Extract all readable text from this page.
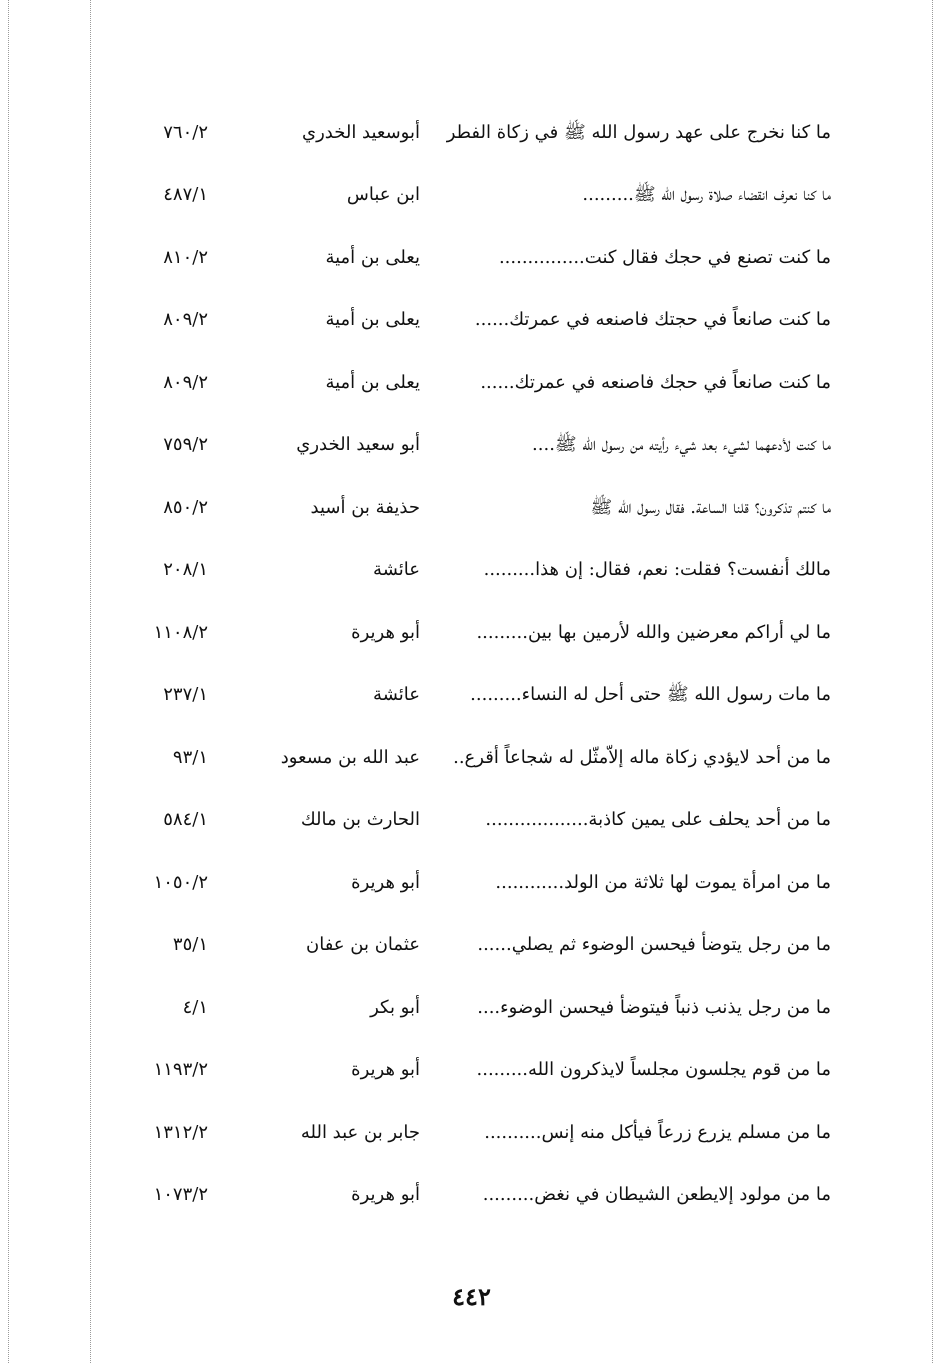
ما كنا نخرج على عهد رسول الله ﷺ في زكاة الفطر
أبوسعيد الخدري
٧٦٠/٢
ما كنا نعرف انقضاء صلاة رسول الله ﷺ.........
ابن عباس
٤٨٧/١
ما كنت تصنع في حجك فقال كنت...............
يعلى بن أمية
٨١٠/٢
ما كنت صانعاً في حجتك فاصنعه في عمرتك......
يعلى بن أمية
٨٠٩/٢
ما كنت صانعاً في حجك فاصنعه في عمرتك......
يعلى بن أمية
٨٠٩/٢
ما كنت لأدعهما لشيء بعد شيء رأيته من رسول الله ﷺ....
أبو سعيد الخدري
٧٥٩/٢
ما كنتم تذكرون؟ قلنا الساعة. فقال رسول الله ﷺ
حذيفة بن أسيد
٨٥٠/٢
مالك أنفست؟ فقلت: نعم، فقال: إن هذا.........
عائشة
٢٠٨/١
ما لي أراكم معرضين والله لأرمين بها بين.........
أبو هريرة
١١٠٨/٢
ما مات رسول الله ﷺ حتى أحل له النساء.........
عائشة
٢٣٧/١
ما من أحد لايؤدي زكاة ماله إلاّمثّل له شجاعاً أقرع..
عبد الله بن مسعود
٩٣/١
ما من أحد يحلف على يمين كاذبة..................
الحارث بن مالك
٥٨٤/١
ما من امرأة يموت لها ثلاثة من الولد............
أبو هريرة
١٠٥٠/٢
ما من رجل يتوضأ فيحسن الوضوء ثم يصلي......
عثمان بن عفان
٣٥/١
ما من رجل يذنب ذنباً فيتوضأ فيحسن الوضوء....
أبو بكر
٤/١
ما من قوم يجلسون مجلساً لايذكرون الله.........
أبو هريرة
١١٩٣/٢
ما من مسلم يزرع زرعاً فيأكل منه إنس..........
جابر بن عبد الله
١٣١٢/٢
ما من مولود إلايطعن الشيطان في نغض.........
أبو هريرة
١٠٧٣/٢
٤٤٢
